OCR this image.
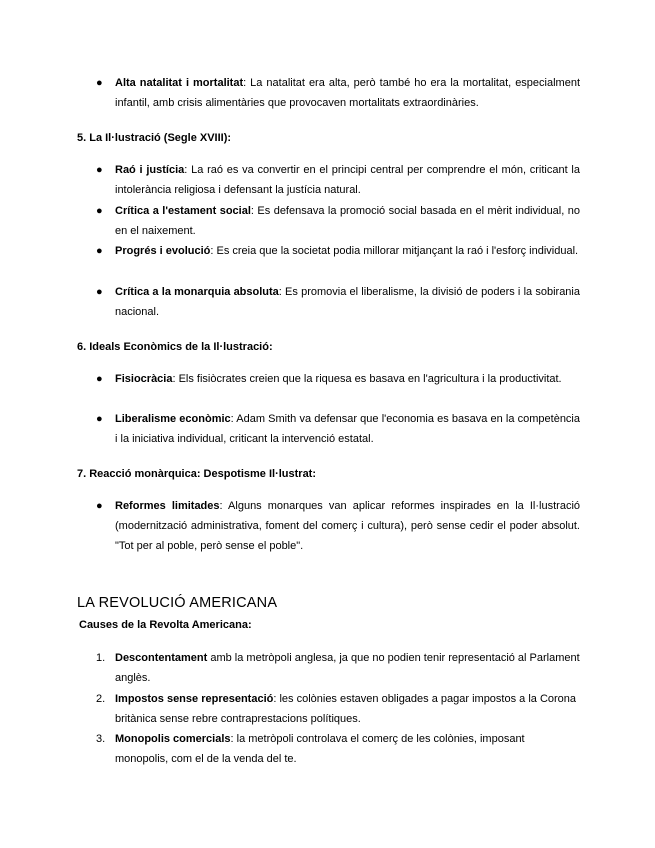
●	Alta natalitat i mortalitat: La natalitat era alta, però també ho era la mortalitat, especialment infantil, amb crisis alimentàries que provocaven mortalitats extraordinàries.
5. La Il·lustració (Segle XVIII):
●	Raó i justícia: La raó es va convertir en el principi central per comprendre el món, criticant la intolerància religiosa i defensant la justícia natural.
●	Crítica a l'estament social: Es defensava la promoció social basada en el mèrit individual, no en el naixement.
●	Progrés i evolució: Es creia que la societat podia millorar mitjançant la raó i l'esforç individual.
●	Crítica a la monarquia absoluta: Es promovia el liberalisme, la divisió de poders i la sobirania nacional.
6. Ideals Econòmics de la Il·lustració:
●	Fisiocràcia: Els fisiòcrates creien que la riquesa es basava en l'agricultura i la productivitat.
●	Liberalisme econòmic: Adam Smith va defensar que l'economia es basava en la competència i la iniciativa individual, criticant la intervenció estatal.
7. Reacció monàrquica: Despotisme Il·lustrat:
●	Reformes limitades: Alguns monarques van aplicar reformes inspirades en la Il·lustració (modernització administrativa, foment del comerç i cultura), però sense cedir el poder absolut. "Tot per al poble, però sense el poble".
LA REVOLUCIÓ AMERICANA
Causes de la Revolta Americana:
1. Descontentament amb la metròpoli anglesa, ja que no podien tenir representació al Parlament anglès.
2. Impostos sense representació: les colònies estaven obligades a pagar impostos a la Corona britànica sense rebre contraprestacions polítiques.
3. Monopolis comercials: la metròpoli controlava el comerç de les colònies, imposant monopolis, com el de la venda del te.
